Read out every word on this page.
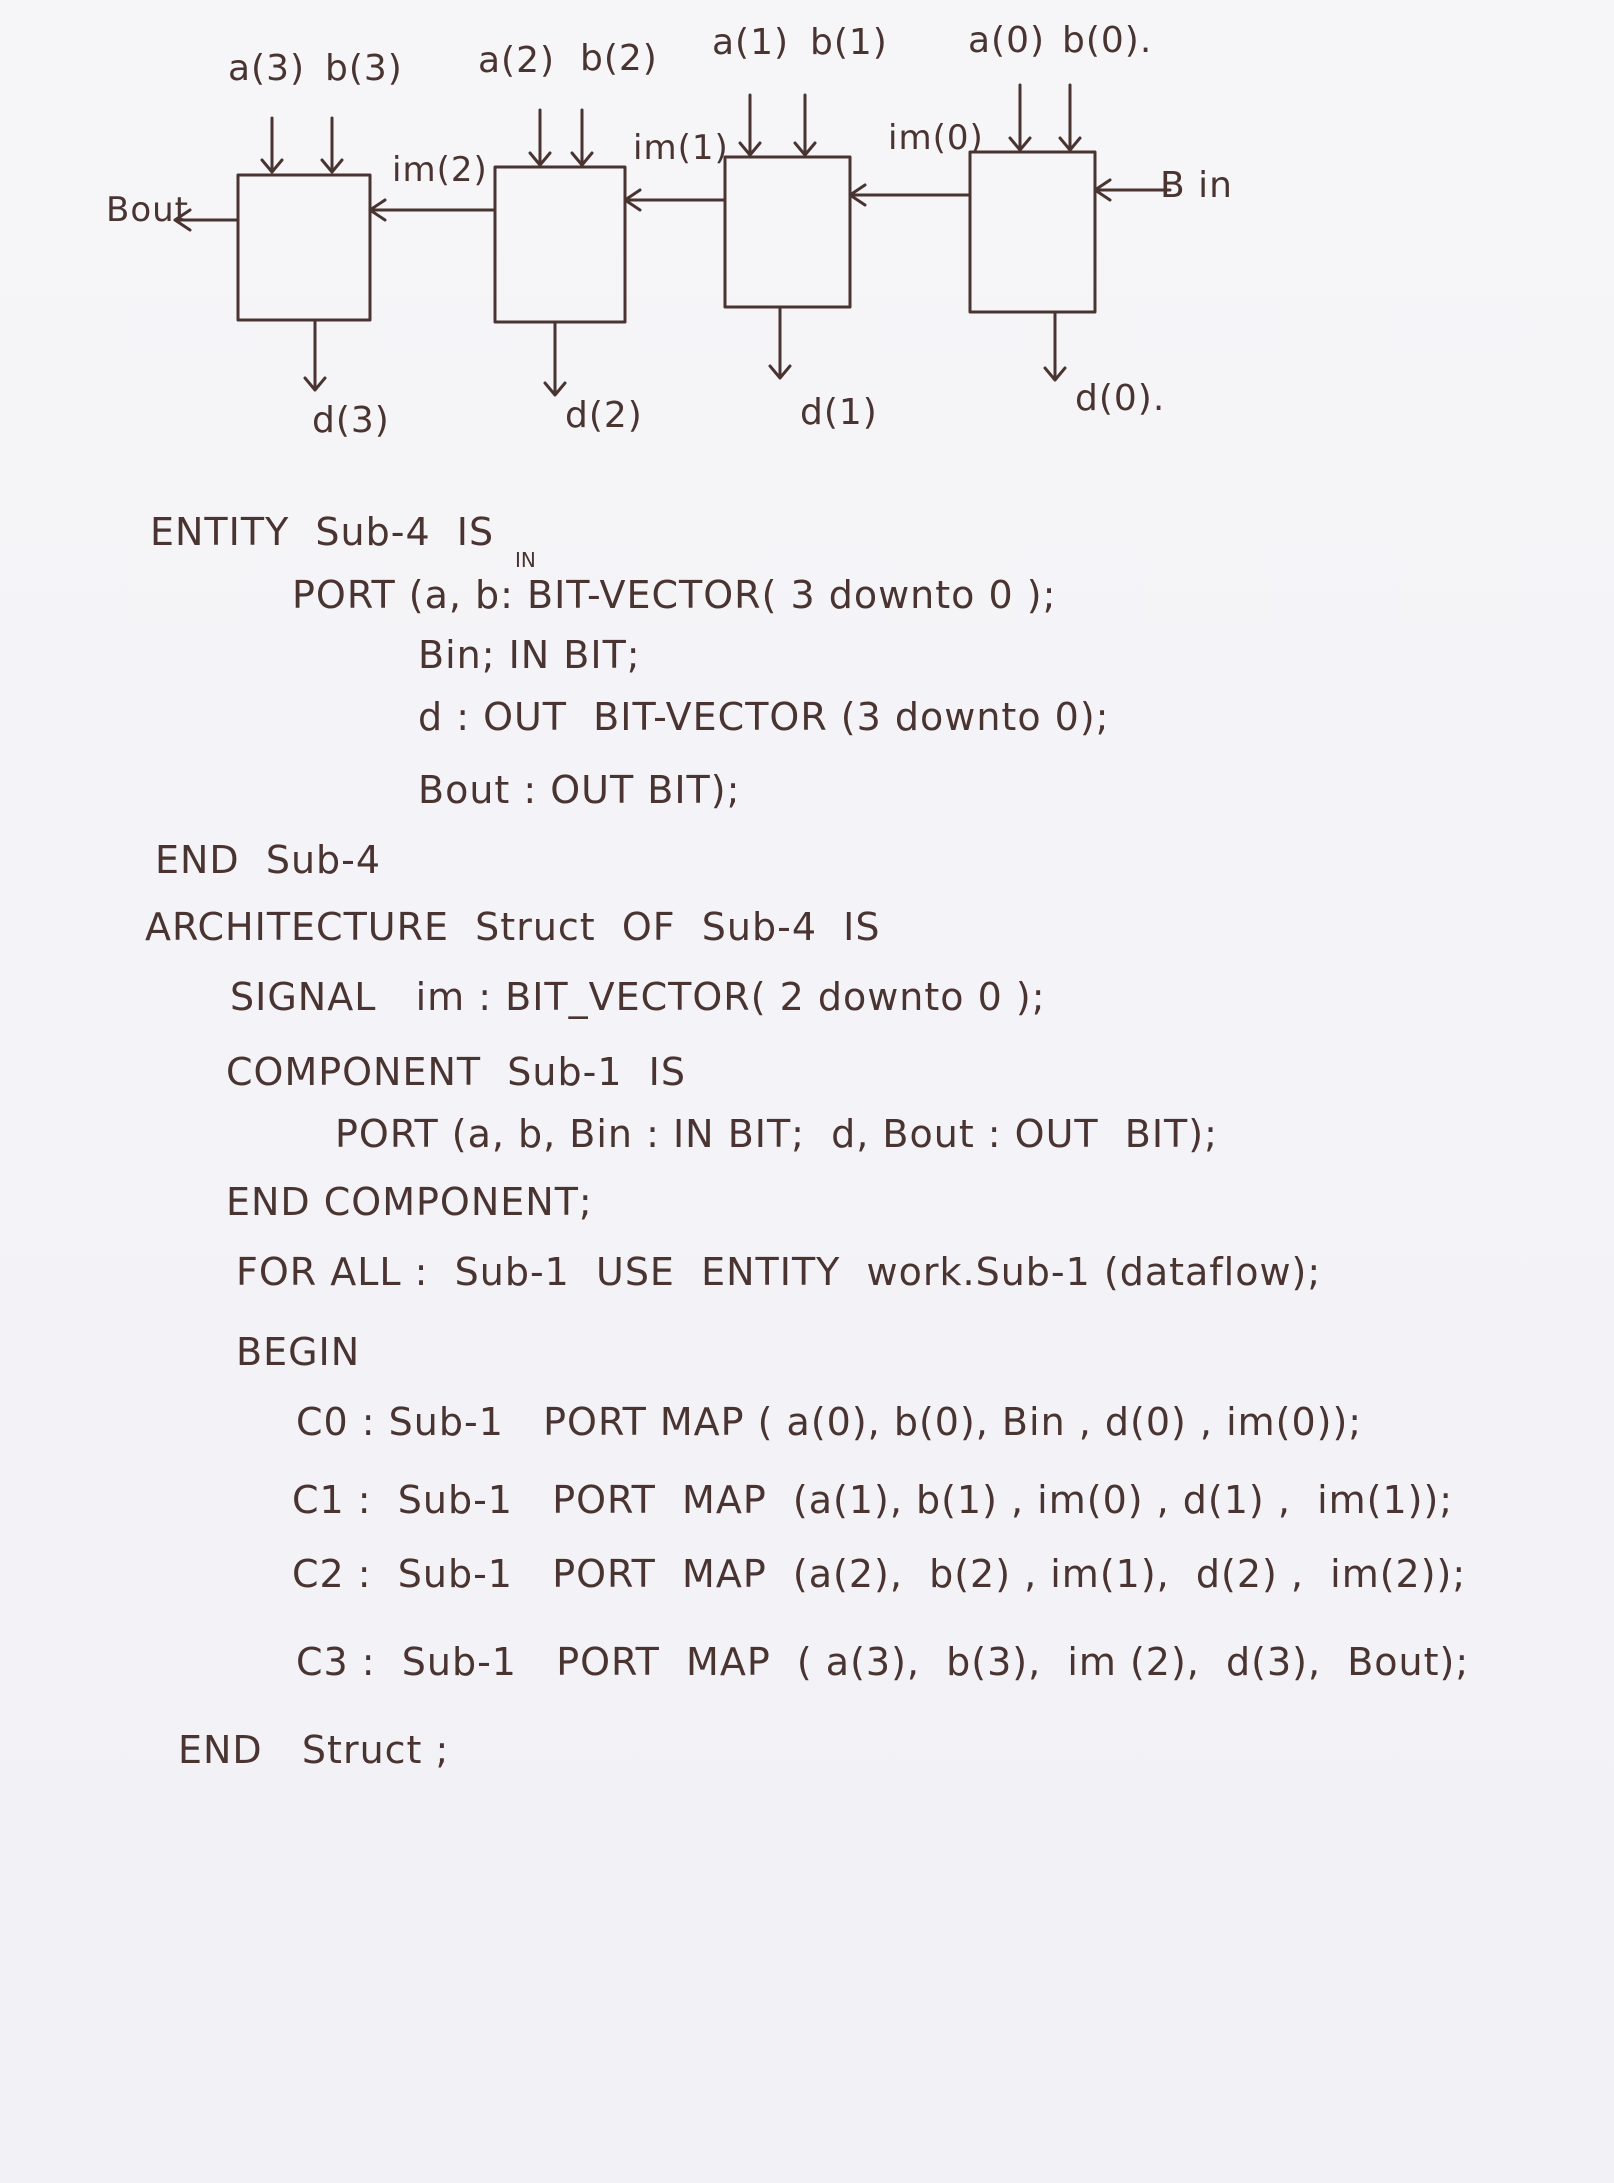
a(3) b(3) a(2) b(2) a(1) b(1) a(0) b(0).
im(2)
im(1)	im(0)
Bout
B in
d(3)	d(2)	d(1)	d(0).
ENTITY  Sub-4  IS
PORT (a, b: BIT-VECTOR( 3 downto 0 );
IN
Bin; IN BIT;
d : OUT  BIT-VECTOR (3 downto 0);
Bout : OUT BIT);
END  Sub-4
ARCHITECTURE  Struct  OF  Sub-4  IS
SIGNAL   im : BIT_VECTOR( 2 downto 0 );
COMPONENT  Sub-1  IS
PORT (a, b, Bin : IN BIT;  d, Bout : OUT  BIT);
END COMPONENT;
FOR ALL :  Sub-1  USE  ENTITY  work.Sub-1 (dataflow);
BEGIN
C0 : Sub-1   PORT MAP ( a(0), b(0), Bin , d(0) , im(0));
C1 :  Sub-1   PORT  MAP  (a(1), b(1) , im(0) , d(1) ,  im(1));
C2 :  Sub-1   PORT  MAP  (a(2),  b(2) , im(1),  d(2) ,  im(2));
C3 :  Sub-1   PORT  MAP  ( a(3),  b(3),  im (2),  d(3),  Bout);
END   Struct ;
